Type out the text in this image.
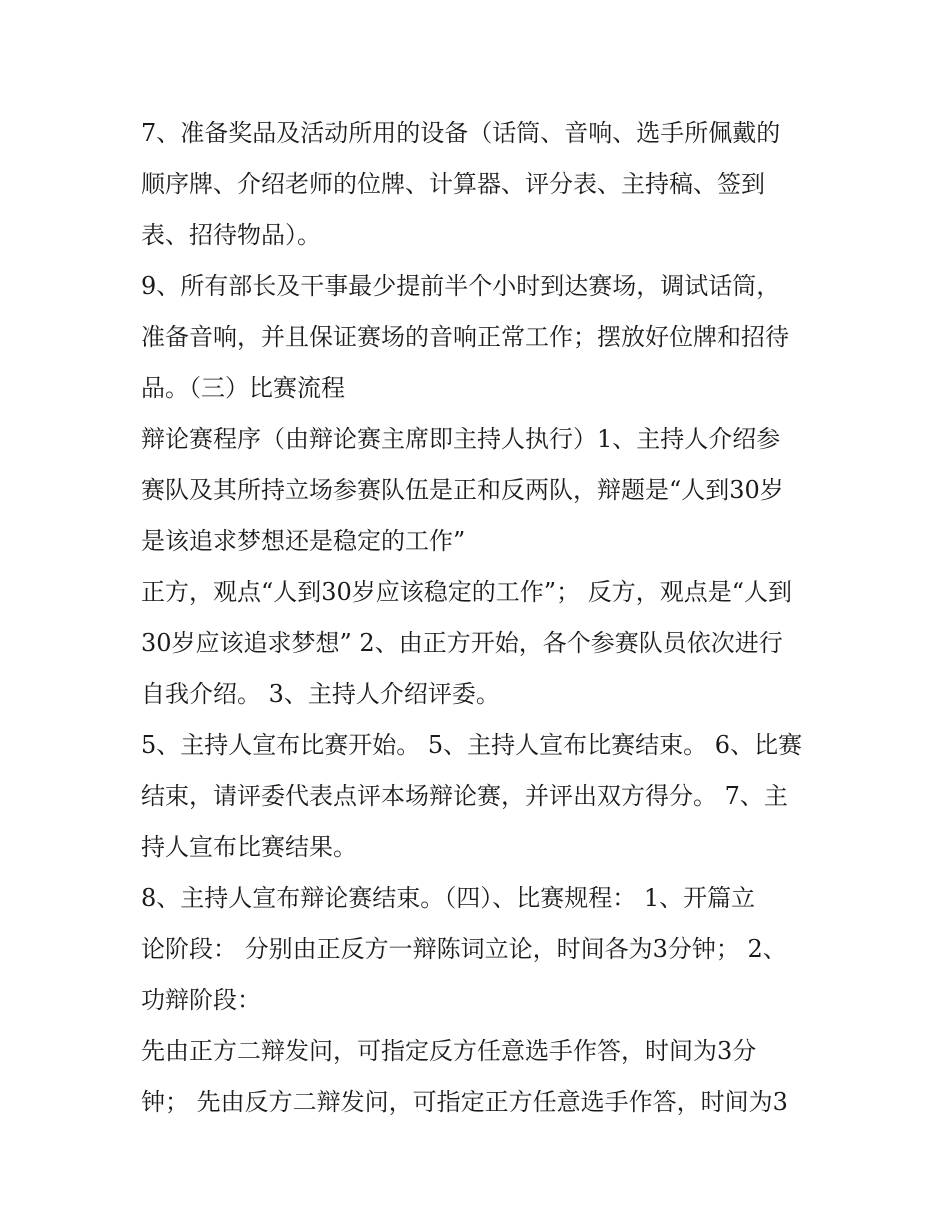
7、准备奖品及活动所用的设备（话筒、音响、选手所佩戴的
顺序牌、介绍老师的位牌、计算器、评分表、主持稿、签到
表、招待物品）。
9、所有部长及干事最少提前半个小时到达赛场，调试话筒，
准备音响，并且保证赛场的音响正常工作；摆放好位牌和招待
品。（三）比赛流程
辩论赛程序（由辩论赛主席即主持人执行）1、主持人介绍参
赛队及其所持立场参赛队伍是正和反两队，辩题是“人到30岁
是该追求梦想还是稳定的工作”
正方，观点“人到30岁应该稳定的工作”； 反方，观点是“人到
30岁应该追求梦想” 2、由正方开始，各个参赛队员依次进行
自我介绍。 3、主持人介绍评委。
5、主持人宣布比赛开始。 5、主持人宣布比赛结束。 6、比赛
结束，请评委代表点评本场辩论赛，并评出双方得分。 7、主
持人宣布比赛结果。
8、主持人宣布辩论赛结束。（四）、比赛规程： 1、开篇立
论阶段： 分别由正反方一辩陈词立论，时间各为3分钟； 2、
功辩阶段：
先由正方二辩发问，可指定反方任意选手作答，时间为3分
钟； 先由反方二辩发问，可指定正方任意选手作答，时间为3
